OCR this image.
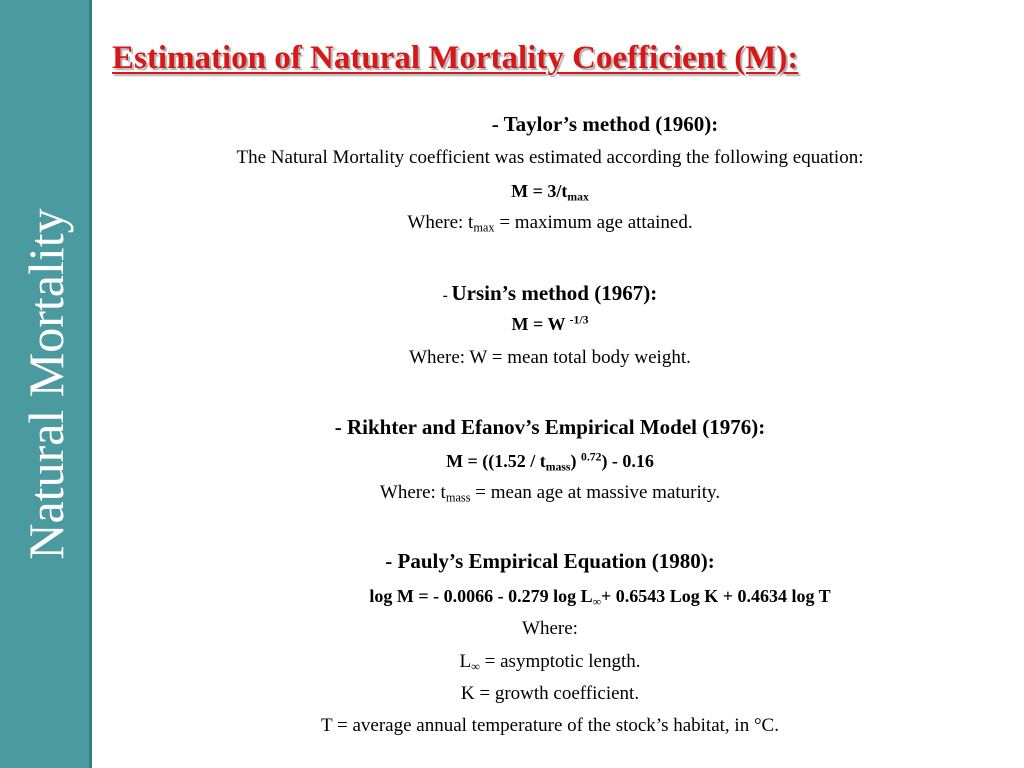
Natural Mortality
Estimation of Natural Mortality Coefficient (M):
- Taylor’s method (1960):
The Natural Mortality coefficient was estimated according the following equation:
$M = 3/t_{max}$
Where: $t_{max}$ = maximum age attained.
- Ursin’s method (1967):
M = W $^{-1/3}$
Where: W = mean total body weight.
- Rikhter and Efanov’s Empirical Model (1976):
$M = ((1.52 / t_{mass})$ $^{0.72}$) - 0.16
Where: $t_{mass}$ = mean age at massive maturity.
- Pauly’s Empirical Equation (1980):
log M = - 0.0066 - 0.279 $\log L_\infty+ 0.6543$ Log K + 0.4634 log T
Where:
$L_\infty$ = asymptotic length.
K = growth coefficient.
T = average annual temperature of the stock’s habitat, in °C.
